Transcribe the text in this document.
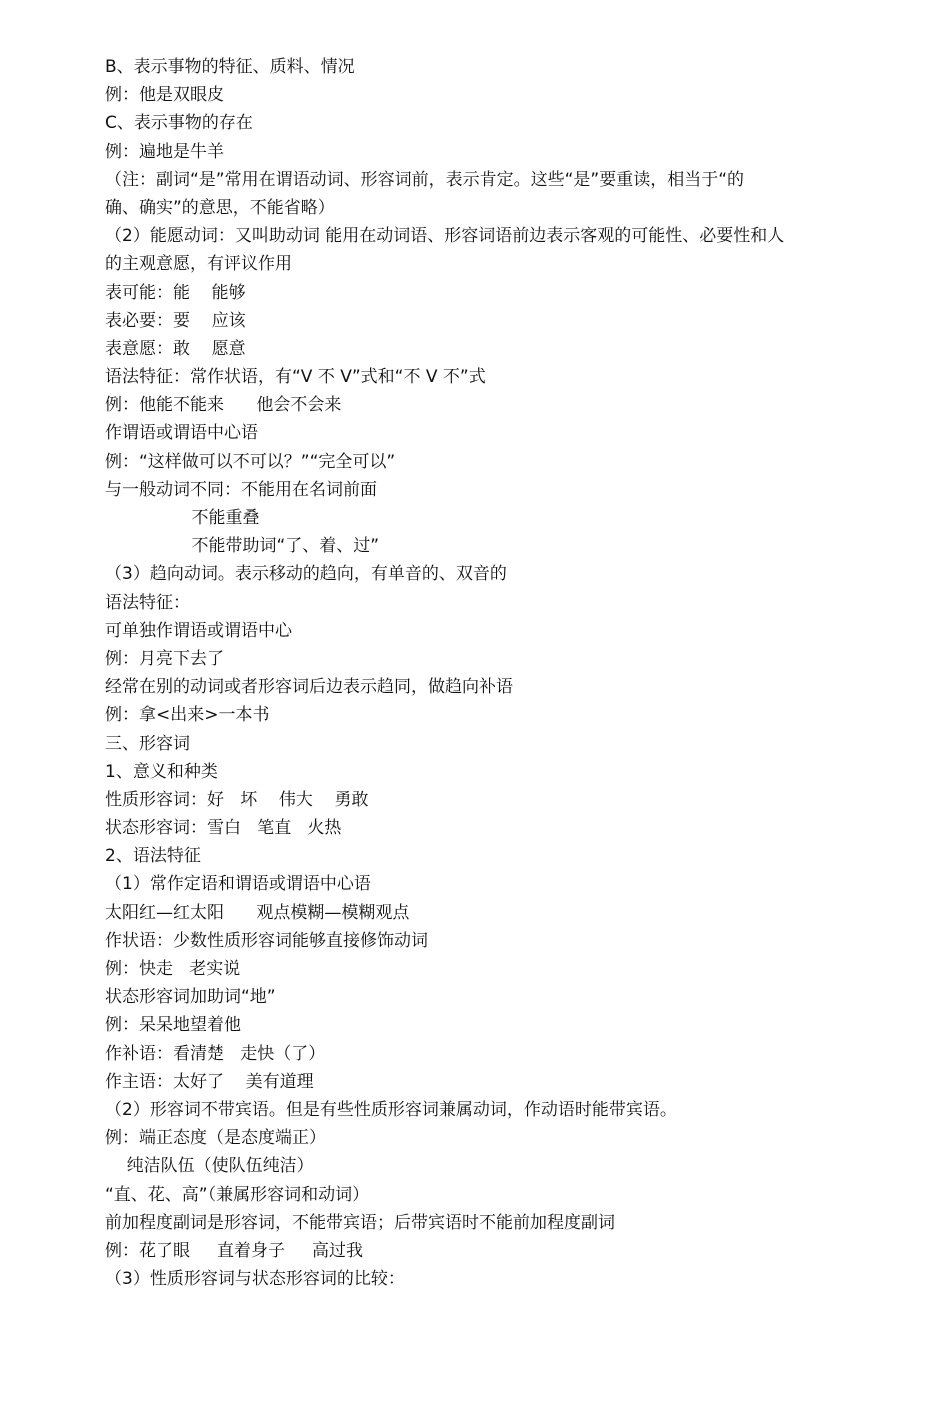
B、表示事物的特征、质料、情况
例：他是双眼皮
C、表示事物的存在
例：遍地是牛羊
（注：副词“是”常用在谓语动词、形容词前，表示肯定。这些“是”要重读，相当于“的
确、确实”的意思，不能省略）
（2）能愿动词：又叫助动词 能用在动词语、形容词语前边表示客观的可能性、必要性和人
的主观意愿，有评议作用
表可能：能    能够
表必要：要    应该
表意愿：敢    愿意
语法特征：常作状语，有“V 不 V”式和“不 V 不”式
例：他能不能来      他会不会来
作谓语或谓语中心语
例：“这样做可以不可以？”“完全可以”
与一般动词不同：不能用在名词前面
不能重叠
不能带助词“了、着、过”
（3）趋向动词。表示移动的趋向，有单音的、双音的
语法特征：
可单独作谓语或谓语中心
例：月亮下去了
经常在别的动词或者形容词后边表示趋同，做趋向补语
例：拿<出来>一本书
三、形容词
1、意义和种类
性质形容词：好   坏    伟大    勇敢
状态形容词：雪白   笔直   火热
2、语法特征
（1）常作定语和谓语或谓语中心语
太阳红—红太阳      观点模糊—模糊观点
作状语：少数性质形容词能够直接修饰动词
例：快走   老实说
状态形容词加助词“地”
例：呆呆地望着他
作补语：看清楚   走快（了）
作主语：太好了    美有道理
（2）形容词不带宾语。但是有些性质形容词兼属动词，作动语时能带宾语。
例：端正态度（是态度端正）
纯洁队伍（使队伍纯洁）
“直、花、高”（兼属形容词和动词）
前加程度副词是形容词，不能带宾语；后带宾语时不能前加程度副词
例：花了眼     直着身子     高过我
（3）性质形容词与状态形容词的比较：
